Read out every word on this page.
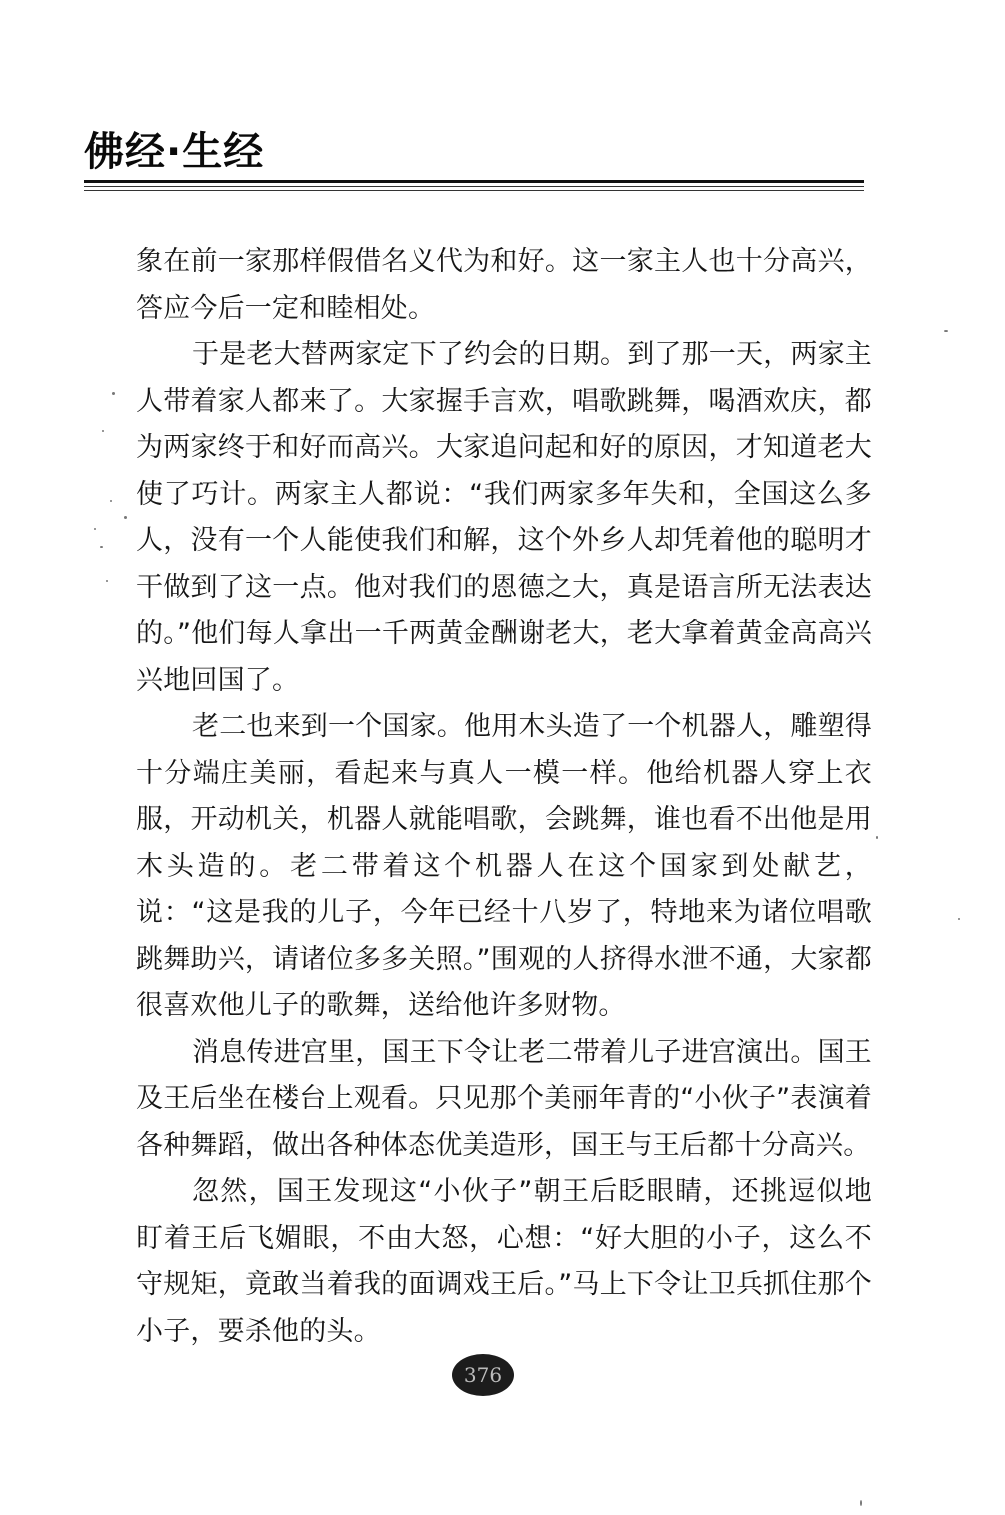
佛经·生经

象在前一家那样假借名义代为和好。这一家主人也十分高兴，答应今后一定和睦相处。

于是老大替两家定下了约会的日期。到了那一天，两家主人带着家人都来了。大家握手言欢，唱歌跳舞，喝酒欢庆，都为两家终于和好而高兴。大家追问起和好的原因，才知道老大使了巧计。两家主人都说：“我们两家多年失和，全国这么多人，没有一个人能使我们和解，这个外乡人却凭着他的聪明才干做到了这一点。他对我们的恩德之大，真是语言所无法表达的。”他们每人拿出一千两黄金酬谢老大，老大拿着黄金高高兴兴地回国了。

老二也来到一个国家。他用木头造了一个机器人，雕塑得十分端庄美丽，看起来与真人一模一样。他给机器人穿上衣服，开动机关，机器人就能唱歌，会跳舞，谁也看不出他是用木头造的。老二带着这个机器人在这个国家到处献艺，说：“这是我的儿子，今年已经十八岁了，特地来为诸位唱歌跳舞助兴，请诸位多多关照。”围观的人挤得水泄不通，大家都很喜欢他儿子的歌舞，送给他许多财物。

消息传进宫里，国王下令让老二带着儿子进宫演出。国王及王后坐在楼台上观看。只见那个美丽年青的“小伙子”表演着各种舞蹈，做出各种体态优美造形，国王与王后都十分高兴。

忽然，国王发现这“小伙子”朝王后眨眼睛，还挑逗似地盯着王后飞媚眼，不由大怒，心想：“好大胆的小子，这么不守规矩，竟敢当着我的面调戏王后。”马上下令让卫兵抓住那个小子，要杀他的头。

376
